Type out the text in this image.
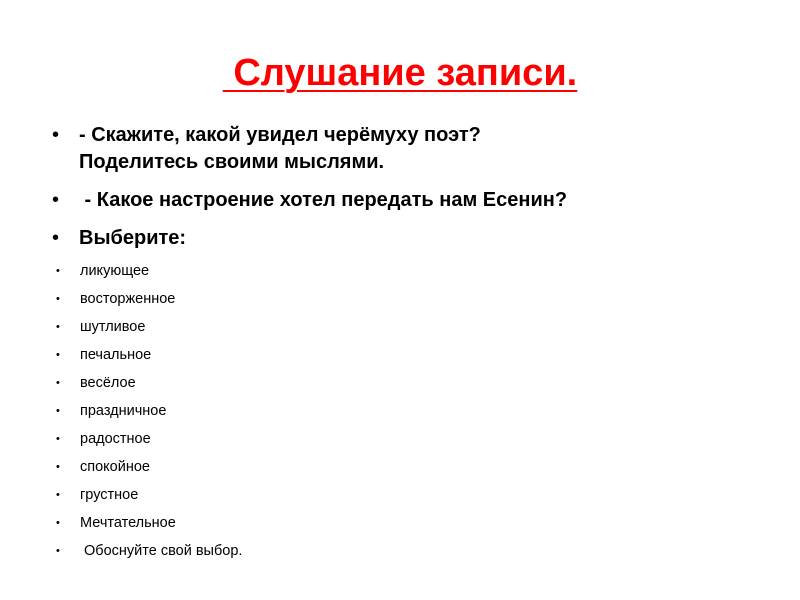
Слушание записи.
• - Скажите, какой увидел черёмуху поэт?
Поделитесь своими мыслями.
• - Какое настроение хотел передать нам Есенин?
• Выберите:
• ликующее
• восторженное
• шутливое
• печальное
• весёлое
• праздничное
• радостное
• спокойное
• грустное
• Мечтательное
• Обоснуйте свой выбор.
